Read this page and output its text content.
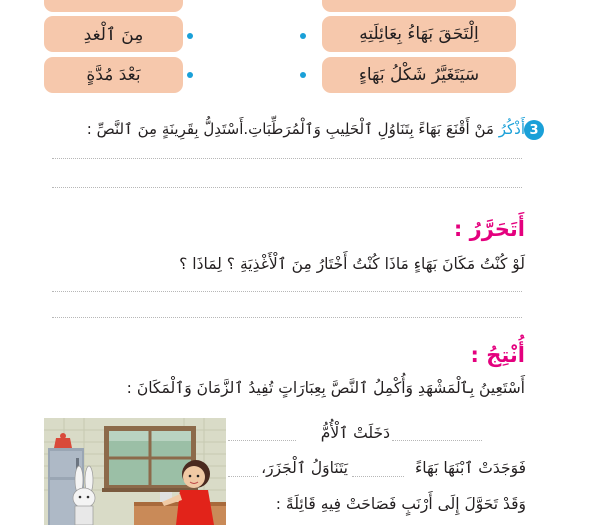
مِنَ ٱلْغدِ	اِلْتَحَقَ بَهَاءُ بِعَائِلَتِهِ
بَعْدَ مُدَّةٍ	سَيَتَغَيَّرُ شَكْلُ بَهَاءٍ
3
أَذْكُرُ مَنْ أَقْنَعَ بَهَاءً بِتَنَاوُلِ ٱلْحَلِيبِ وَٱلْمُرَطِّبَاتِ.أَسْتَدِلُّ بِقَرِينَةٍ مِنَ ٱلنَّصِّ :
أَتَحَرَّرُ :
لَوْ كُنْتُ مَكَانَ بَهَاءٍ مَاذَا كُنْتُ أَخْتَارُ مِنَ ٱلْأَغْذِيَةِ ؟ لِمَاذَا ؟
أُنْتِجُ :
أَسْتَعِينُ بِٱلْمَشْهَدِ وَأُكْمِلُ ٱلنَّصَّ بِعِبَارَاتٍ تُفِيدُ ٱلزَّمَانَ وَٱلْمَكَانَ :
دَخَلَتْ ٱلْأُمُّ
يَتَنَاوَلُ ٱلْجَزَرَ،	فَوَجَدَتْ ٱبْنَهَا بَهَاءً
وَقَدْ تَحَوَّلَ إِلَى أَرْنَبٍ فَصَاحَتْ فِيهِ قَائِلَةً :
